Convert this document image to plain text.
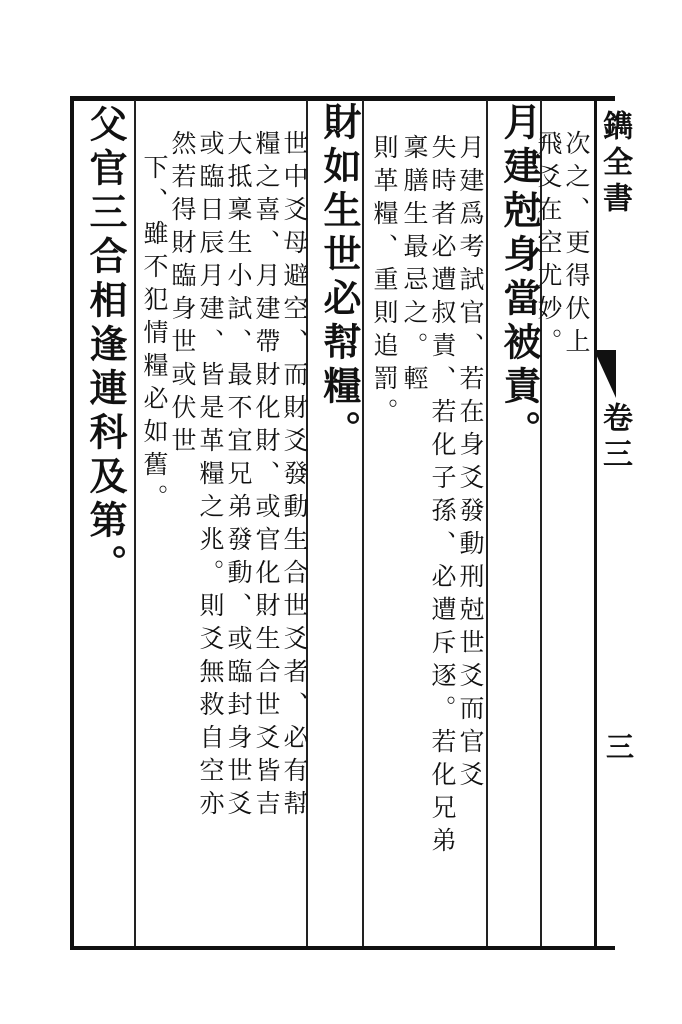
鐫全書
卷三
三
次之、更得伏上
飛爻在空尤妙。
月建尅身當被責。
月建爲考試官、若在身爻發動刑尅世爻而官爻
失時者必遭叔責、若化子孫、必遭斥逐。若化兄弟
稟膳生最忌之。輕
則革糧、重則追罰。
財如生世必幇糧。
世中爻母避空、而財爻發動生合世爻者、必有幇
糧之喜、月建帶財化財、或官化財生合世爻皆吉
大抵稟生小試、最不宜兄弟發動、或臨封身世爻
或臨日辰月建、皆是革糧之兆。則爻無救自空亦
然若得財臨身世或伏世
下、雖不犯情糧必如舊。
父官三合相逢連科及第。
